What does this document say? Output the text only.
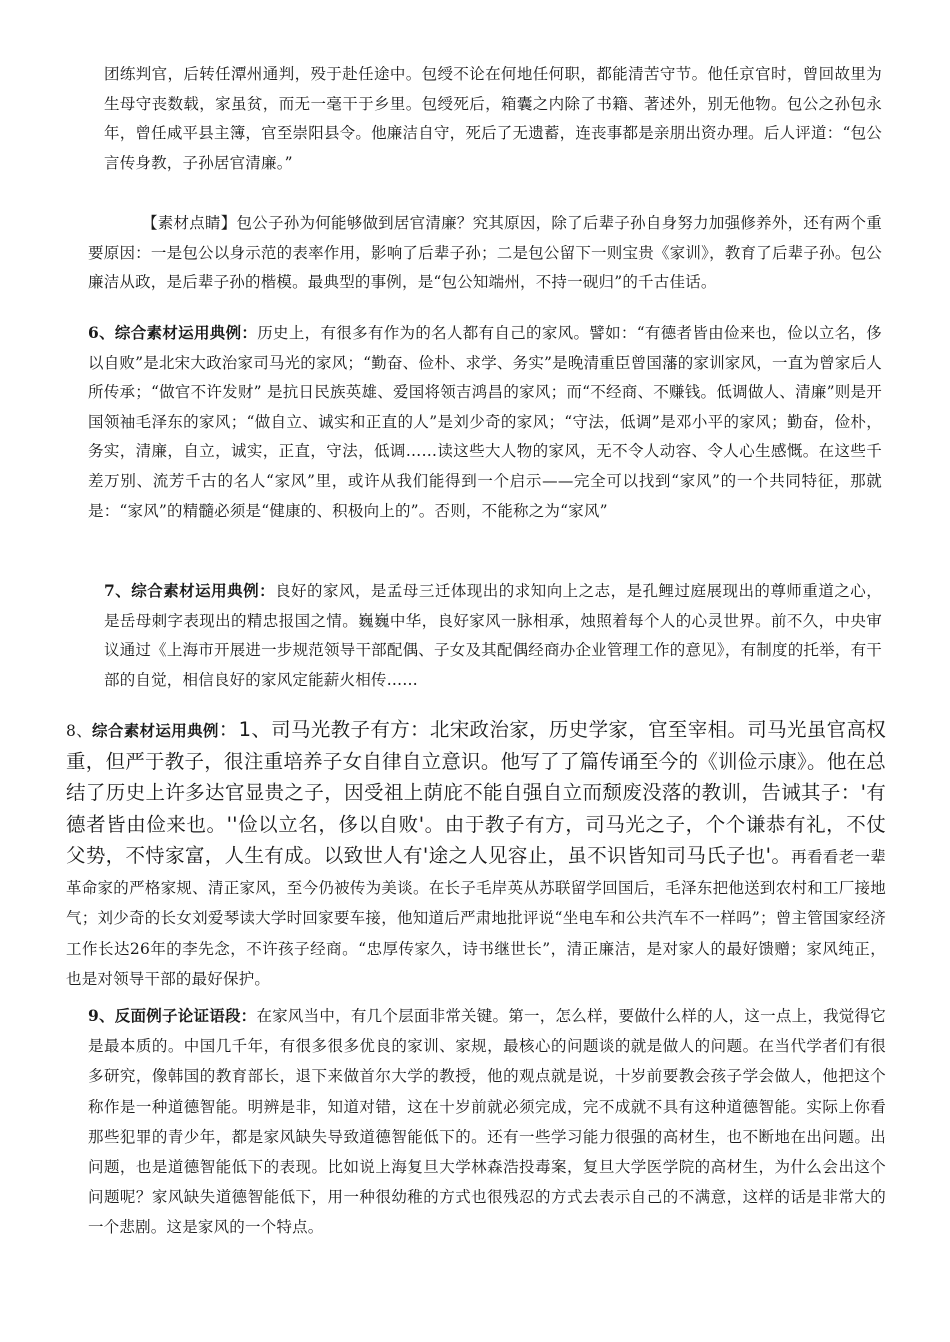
团练判官，后转任潭州通判，殁于赴任途中。包绶不论在何地任何职，都能清苦守节。他任京官时，曾回故里为生母守丧数载，家虽贫，而无一毫干于乡里。包绶死后，箱囊之内除了书籍、著述外，别无他物。包公之孙包永年，曾任咸平县主簿，官至崇阳县令。他廉洁自守，死后了无遗蓄，连丧事都是亲朋出资办理。后人评道：“包公言传身教，子孙居官清廉。”
【素材点睛】包公子孙为何能够做到居官清廉？究其原因，除了后辈子孙自身努力加强修养外，还有两个重要原因：一是包公以身示范的表率作用，影响了后辈子孙；二是包公留下一则宝贵《家训》，教育了后辈子孙。包公廉洁从政，是后辈子孙的楷模。最典型的事例，是“包公知端州，不持一砚归”的千古佳话。
6、综合素材运用典例：历史上，有很多有作为的名人都有自己的家风。譬如：“有德者皆由俭来也，俭以立名，侈以自败”是北宋大政治家司马光的家风；“勤奋、俭朴、求学、务实”是晚清重臣曾国藩的家训家风，一直为曾家后人所传承；“做官不许发财” 是抗日民族英雄、爱国将领吉鸿昌的家风；而“不经商、不赚钱。低调做人、清廉”则是开国领袖毛泽东的家风；“做自立、诚实和正直的人”是刘少奇的家风；“守法，低调”是邓小平的家风；勤奋，俭朴，务实，清廉，自立，诚实，正直，守法，低调……读这些大人物的家风，无不令人动容、令人心生感慨。在这些千差万别、流芳千古的名人“家风”里，或许从我们能得到一个启示——完全可以找到“家风”的一个共同特征，那就是：“家风”的精髓必须是“健康的、积极向上的”。否则，不能称之为“家风”
7、综合素材运用典例：良好的家风，是孟母三迁体现出的求知向上之志，是孔鲤过庭展现出的尊师重道之心，是岳母刺字表现出的精忠报国之情。巍巍中华，良好家风一脉相承，烛照着每个人的心灵世界。前不久，中央审议通过《上海市开展进一步规范领导干部配偶、子女及其配偶经商办企业管理工作的意见》，有制度的托举，有干部的自觉，相信良好的家风定能薪火相传……
8、综合素材运用典例：1、司马光教子有方：北宋政治家，历史学家，官至宰相。司马光虽官高权重，但严于教子，很注重培养子女自律自立意识。他写了了篇传诵至今的《训俭示康》。他在总结了历史上许多达官显贵之子，因受祖上荫庇不能自强自立而颓废没落的教训，告诫其子：'有德者皆由俭来也。''俭以立名，侈以自败'。由于教子有方，司马光之子，个个谦恭有礼，不仗父势，不恃家富，人生有成。以致世人有'途之人见容止，虽不识皆知司马氏子也'。再看看老一辈革命家的严格家规、清正家风，至今仍被传为美谈。在长子毛岸英从苏联留学回国后，毛泽东把他送到农村和工厂接地气；刘少奇的长女刘爱琴读大学时回家要车接，他知道后严肃地批评说“坐电车和公共汽车不一样吗”；曾主管国家经济工作长达26年的李先念，不许孩子经商。“忠厚传家久，诗书继世长”，清正廉洁，是对家人的最好馈赠；家风纯正，也是对领导干部的最好保护。
9、反面例子论证语段：在家风当中，有几个层面非常关键。第一，怎么样，要做什么样的人，这一点上，我觉得它是最本质的。中国几千年，有很多很多优良的家训、家规，最核心的问题谈的就是做人的问题。在当代学者们有很多研究，像韩国的教育部长，退下来做首尔大学的教授，他的观点就是说，十岁前要教会孩子学会做人，他把这个称作是一种道德智能。明辨是非，知道对错，这在十岁前就必须完成，完不成就不具有这种道德智能。实际上你看那些犯罪的青少年，都是家风缺失导致道德智能低下的。还有一些学习能力很强的高材生，也不断地在出问题。出问题，也是道德智能低下的表现。比如说上海复旦大学林森浩投毒案，复旦大学医学院的高材生，为什么会出这个问题呢？家风缺失道德智能低下，用一种很幼稚的方式也很残忍的方式去表示自己的不满意，这样的话是非常大的一个悲剧。这是家风的一个特点。
